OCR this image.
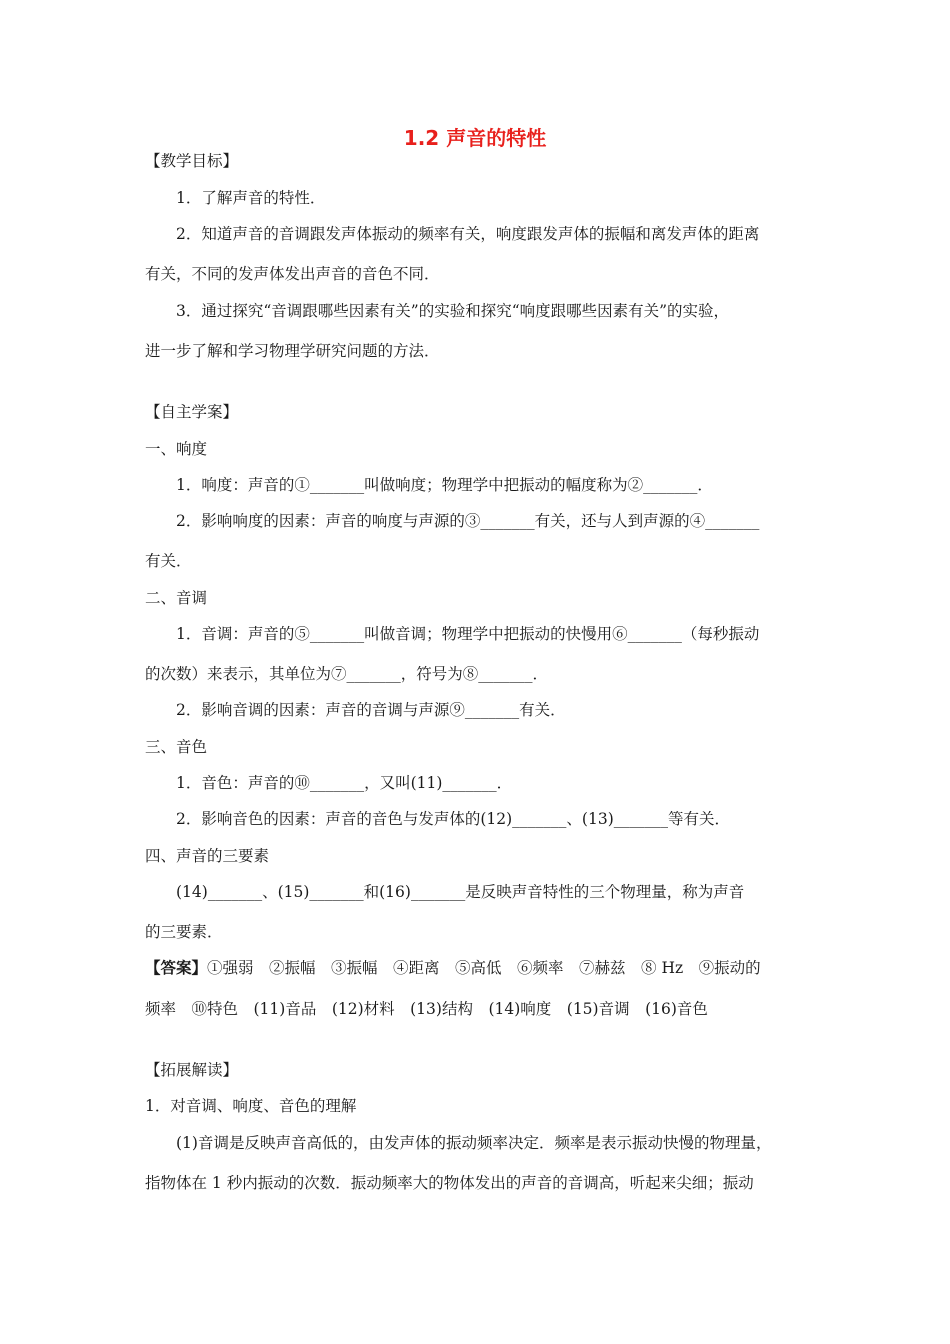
1.2 声音的特性
【教学目标】
1．了解声音的特性．
2．知道声音的音调跟发声体振动的频率有关，响度跟发声体的振幅和离发声体的距离
有关，不同的发声体发出声音的音色不同．
3．通过探究“音调跟哪些因素有关”的实验和探究“响度跟哪些因素有关”的实验，
进一步了解和学习物理学研究问题的方法．
【自主学案】
一、响度
1．响度：声音的①_______叫做响度；物理学中把振动的幅度称为②_______．
2．影响响度的因素：声音的响度与声源的③_______有关，还与人到声源的④_______
有关．
二、音调
1．音调：声音的⑤_______叫做音调；物理学中把振动的快慢用⑥_______（每秒振动
的次数）来表示，其单位为⑦_______，符号为⑧_______．
2．影响音调的因素：声音的音调与声源⑨_______有关．
三、音色
1．音色：声音的⑩_______，又叫(11)_______．
2．影响音色的因素：声音的音色与发声体的(12)_______、(13)_______等有关．
四、声音的三要素
(14)_______、(15)_______和(16)_______是反映声音特性的三个物理量，称为声音
的三要素．
【答案】①强弱　②振幅　③振幅　④距离　⑤高低　⑥频率　⑦赫兹　⑧ Hz　⑨振动的
频率　⑩特色　(11)音品　(12)材料　(13)结构　(14)响度　(15)音调　(16)音色
【拓展解读】
1．对音调、响度、音色的理解
(1)音调是反映声音高低的，由发声体的振动频率决定．频率是表示振动快慢的物理量，
指物体在 1 秒内振动的次数．振动频率大的物体发出的声音的音调高，听起来尖细；振动
